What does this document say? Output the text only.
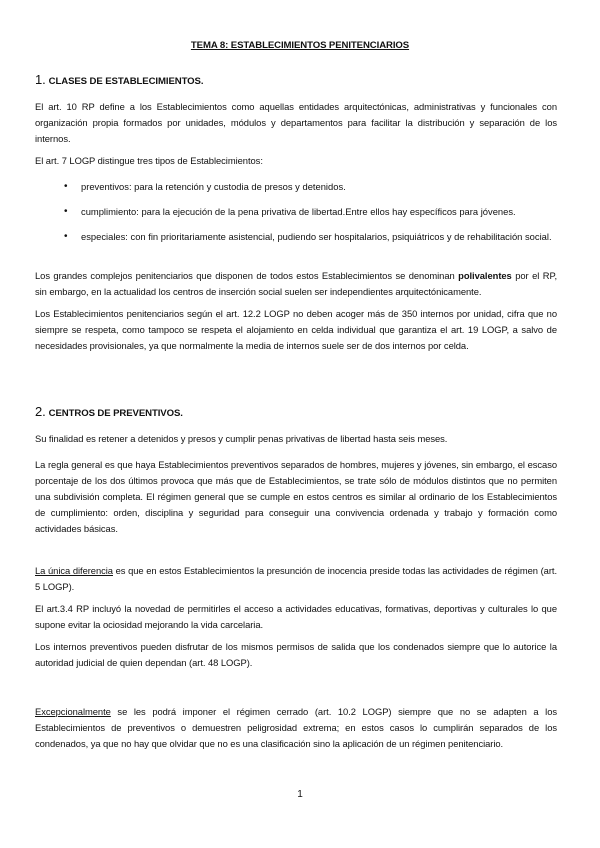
TEMA 8: ESTABLECIMIENTOS PENITENCIARIOS
1. CLASES DE ESTABLECIMIENTOS.
El art. 10 RP define a los Establecimientos como aquellas entidades arquitectónicas, administrativas y funcionales con organización propia formados por unidades, módulos y departamentos para facilitar la distribución y separación de los internos.
El art. 7 LOGP distingue tres tipos de Establecimientos:
• preventivos: para la retención y custodia de presos y detenidos.
• cumplimiento: para la ejecución de la pena privativa de libertad.Entre ellos hay específicos para jóvenes.
• especiales: con fin prioritariamente asistencial, pudiendo ser hospitalarios, psiquiátricos y de rehabilitación social.
Los grandes complejos penitenciarios que disponen de todos estos Establecimientos se denominan polivalentes por el RP, sin embargo, en la actualidad los centros de inserción social suelen ser independientes arquitectónicamente.
Los Establecimientos penitenciarios según el art. 12.2 LOGP no deben acoger más de 350 internos por unidad, cifra que no siempre se respeta, como tampoco se respeta el alojamiento en celda individual que garantiza el art. 19 LOGP, a salvo de necesidades provisionales, ya que normalmente la media de internos suele ser de dos internos por celda.
2. CENTROS DE PREVENTIVOS.
Su finalidad es retener a detenidos y presos y cumplir penas privativas de libertad hasta seis meses.
La regla general es que haya Establecimientos preventivos separados de hombres, mujeres y jóvenes, sin embargo, el escaso porcentaje de los dos últimos provoca que más que de Establecimientos, se trate sólo de módulos distintos que no permiten una subdivisión completa. El régimen general que se cumple en estos centros es similar al ordinario de los Establecimientos de cumplimiento: orden, disciplina y seguridad para conseguir una convivencia ordenada y trabajo y formación como actividades básicas.
La única diferencia es que en estos Establecimientos la presunción de inocencia preside todas las actividades de régimen (art. 5 LOGP).
El art.3.4 RP incluyó la novedad de permitirles el acceso a actividades educativas, formativas, deportivas y culturales lo que supone evitar la ociosidad mejorando la vida carcelaria.
Los internos preventivos pueden disfrutar de los mismos permisos de salida que los condenados siempre que lo autorice la autoridad judicial de quien dependan (art. 48 LOGP).
Excepcionalmente se les podrá imponer el régimen cerrado (art. 10.2 LOGP) siempre que no se adapten a los Establecimientos de preventivos o demuestren peligrosidad extrema; en estos casos lo cumplirán separados de los condenados, ya que no hay que olvidar que no es una clasificación sino la aplicación de un régimen penitenciario.
1
